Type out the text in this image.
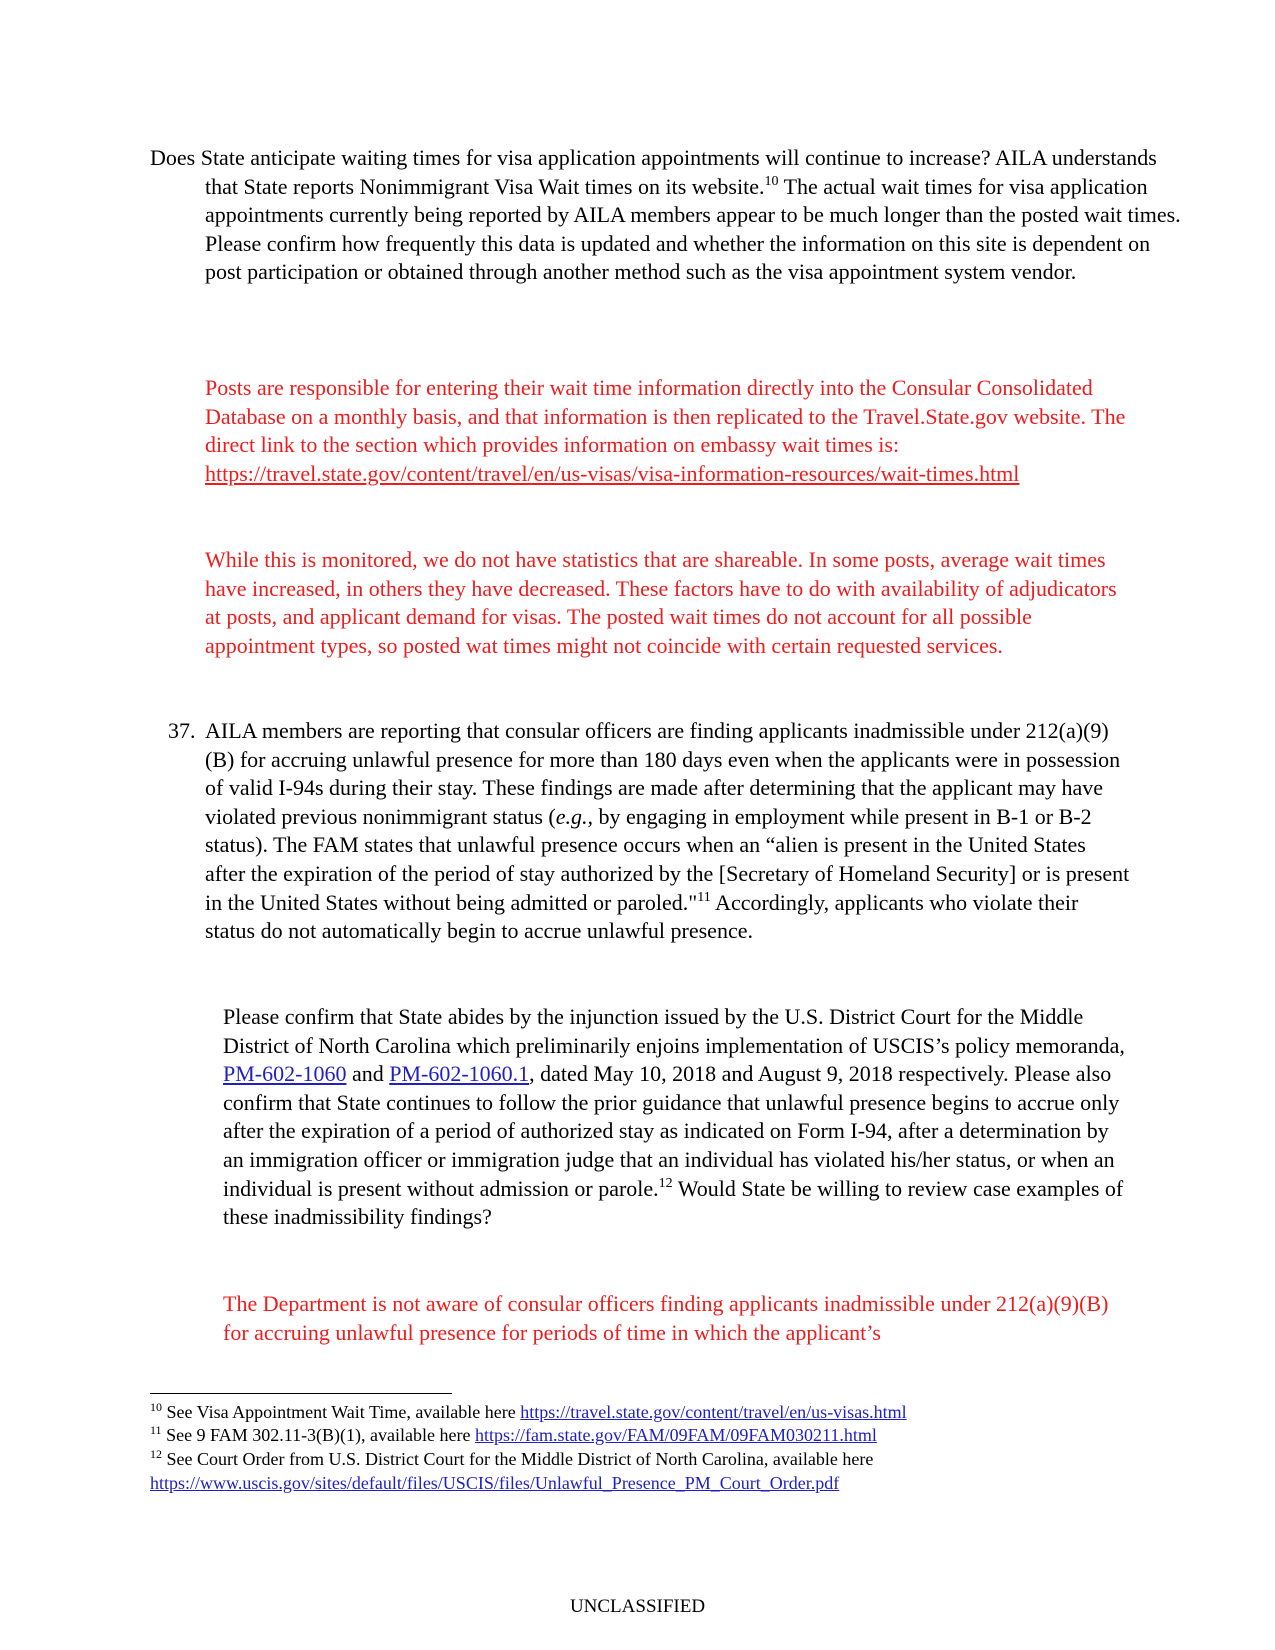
Does State anticipate waiting times for visa application appointments will continue to increase? AILA understands that State reports Nonimmigrant Visa Wait times on its website.$^{10}$ The actual wait times for visa application appointments currently being reported by AILA members appear to be much longer than the posted wait times. Please confirm how frequently this data is updated and whether the information on this site is dependent on post participation or obtained through another method such as the visa appointment system vendor.

Posts are responsible for entering their wait time information directly into the Consular Consolidated Database on a monthly basis, and that information is then replicated to the Travel.State.gov website. The direct link to the section which provides information on embassy wait times is: https://travel.state.gov/content/travel/en/us-visas/visa-information-resources/wait-times.html

While this is monitored, we do not have statistics that are shareable. In some posts, average wait times have increased, in others they have decreased. These factors have to do with availability of adjudicators at posts, and applicant demand for visas. The posted wait times do not account for all possible appointment types, so posted wat times might not coincide with certain requested services.

37. AILA members are reporting that consular officers are finding applicants inadmissible under 212(a)(9)(B) for accruing unlawful presence for more than 180 days even when the applicants were in possession of valid I-94s during their stay. These findings are made after determining that the applicant may have violated previous nonimmigrant status (e.g., by engaging in employment while present in B-1 or B-2 status). The FAM states that unlawful presence occurs when an “alien is present in the United States after the expiration of the period of stay authorized by the [Secretary of Homeland Security] or is present in the United States without being admitted or paroled."$^{11}$ Accordingly, applicants who violate their status do not automatically begin to accrue unlawful presence.

Please confirm that State abides by the injunction issued by the U.S. District Court for the Middle District of North Carolina which preliminarily enjoins implementation of USCIS’s policy memoranda, PM-602-1060 and PM-602-1060.1, dated May 10, 2018 and August 9, 2018 respectively. Please also confirm that State continues to follow the prior guidance that unlawful presence begins to accrue only after the expiration of a period of authorized stay as indicated on Form I-94, after a determination by an immigration officer or immigration judge that an individual has violated his/her status, or when an individual is present without admission or parole.$^{12}$ Would State be willing to review case examples of these inadmissibility findings?

The Department is not aware of consular officers finding applicants inadmissible under 212(a)(9)(B) for accruing unlawful presence for periods of time in which the applicant’s

$^{10}$ See Visa Appointment Wait Time, available here https://travel.state.gov/content/travel/en/us-visas.html

$^{11}$ See 9 FAM 302.11-3(B)(1), available here https://fam.state.gov/FAM/09FAM/09FAM030211.html

$^{12}$ See Court Order from U.S. District Court for the Middle District of North Carolina, available here
https://www.uscis.gov/sites/default/files/USCIS/files/Unlawful_Presence_PM_Court_Order.pdf

UNCLASSIFIED
